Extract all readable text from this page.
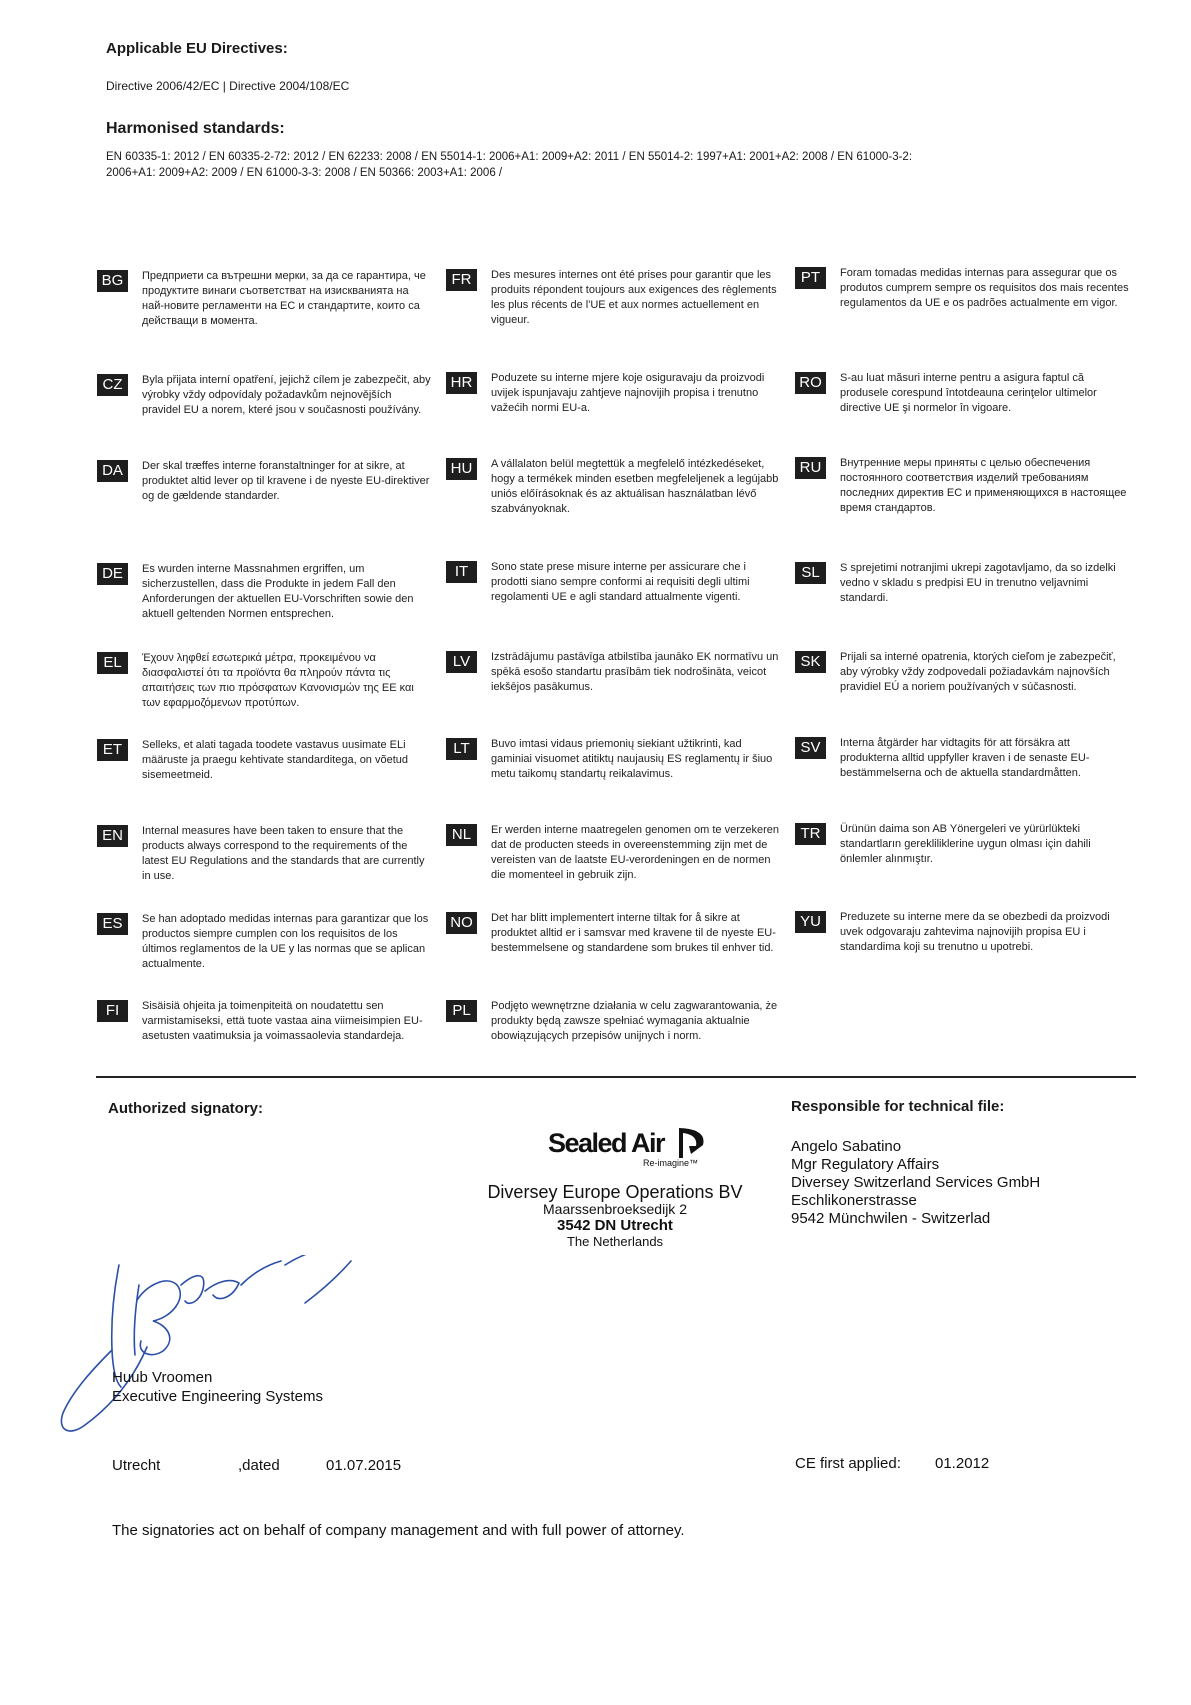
Applicable EU Directives:
Directive 2006/42/EC | Directive 2004/108/EC
Harmonised standards:
EN 60335-1: 2012 / EN 60335-2-72: 2012 / EN 62233: 2008 / EN 55014-1: 2006+A1: 2009+A2: 2011 / EN 55014-2: 1997+A1: 2001+A2: 2008 / EN 61000-3-2:
2006+A1: 2009+A2: 2009 / EN 61000-3-3: 2008 / EN 50366: 2003+A1: 2006 /
BG	Предприети са вътрешни мерки, за да се гарантира, че продуктите винаги съответстват на изискванията на най-новите регламенти на ЕС и стандартите, които са действащи в момента.
CZ	Byla přijata interní opatření, jejichž cílem je zabezpečit, aby výrobky vždy odpovídaly požadavkům nejnovějších pravidel EU a norem, které jsou v současnosti používány.
DA	Der skal træffes interne foranstaltninger for at sikre, at produktet altid lever op til kravene i de nyeste EU-direktiver og de gældende standarder.
DE	Es wurden interne Massnahmen ergriffen, um sicherzustellen, dass die Produkte in jedem Fall den Anforderungen der aktuellen EU-Vorschriften sowie den aktuell geltenden Normen entsprechen.
EL	Έχουν ληφθεί εσωτερικά μέτρα, προκειμένου να διασφαλιστεί ότι τα προϊόντα θα πληρούν πάντα τις απαιτήσεις των πιο πρόσφατων Κανονισμών της ΕΕ και των εφαρμοζόμενων προτύπων.
ET	Selleks, et alati tagada toodete vastavus uusimate ELi määruste ja praegu kehtivate standarditega, on võetud sisemeetmeid.
EN	Internal measures have been taken to ensure that the products always correspond to the requirements of the latest EU Regulations and the standards that are currently in use.
ES	Se han adoptado medidas internas para garantizar que los productos siempre cumplen con los requisitos de los últimos reglamentos de la UE y las normas que se aplican actualmente.
FI	Sisäisiä ohjeita ja toimenpiteitä on noudatettu sen varmistamiseksi, että tuote vastaa aina viimeisimpien EU-asetusten vaatimuksia ja voimassaolevia standardeja.
FR	Des mesures internes ont été prises pour garantir que les produits répondent toujours aux exigences des règlements les plus récents de l'UE et aux normes actuellement en vigueur.
HR	Poduzete su interne mjere koje osiguravaju da proizvodi uvijek ispunjavaju zahtjeve najnovijih propisa i trenutno važećih normi EU-a.
HU	A vállalaton belül megtettük a megfelelő intézkedéseket, hogy a termékek minden esetben megfeleljenek a legújabb uniós előírásoknak és az aktuálisan használatban lévő szabványoknak.
IT	Sono state prese misure interne per assicurare che i prodotti siano sempre conformi ai requisiti degli ultimi regolamenti UE e agli standard attualmente vigenti.
LV	Izstrādājumu pastāvīga atbilstība jaunāko EK normatīvu un spēkā esošo standartu prasībām tiek nodrošināta, veicot iekšējos pasākumus.
LT	Buvo imtasi vidaus priemonių siekiant užtikrinti, kad gaminiai visuomet atitiktų naujausių ES reglamentų ir šiuo metu taikomų standartų reikalavimus.
NL	Er werden interne maatregelen genomen om te verzekeren dat de producten steeds in overeenstemming zijn met de vereisten van de laatste EU-verordeningen en de normen die momenteel in gebruik zijn.
NO	Det har blitt implementert interne tiltak for å sikre at produktet alltid er i samsvar med kravene til de nyeste EU-bestemmelsene og standardene som brukes til enhver tid.
PL	Podjęto wewnętrzne działania w celu zagwarantowania, że produkty będą zawsze spełniać wymagania aktualnie obowiązujących przepisów unijnych i norm.
PT	Foram tomadas medidas internas para assegurar que os produtos cumprem sempre os requisitos dos mais recentes regulamentos da UE e os padrões actualmente em vigor.
RO	S-au luat măsuri interne pentru a asigura faptul că produsele corespund întotdeauna cerinţelor ultimelor directive UE şi normelor în vigoare.
RU	Внутренние меры приняты с целью обеспечения постоянного соответствия изделий требованиям последних директив ЕС и применяющихся в настоящее время стандартов.
SL	S sprejetimi notranjimi ukrepi zagotavljamo, da so izdelki vedno v skladu s predpisi EU in trenutno veljavnimi standardi.
SK	Prijali sa interné opatrenia, ktorých cieľom je zabezpečiť, aby výrobky vždy zodpovedali požiadavkám najnovších pravidiel EÚ a noriem používaných v súčasnosti.
SV	Interna åtgärder har vidtagits för att försäkra att produkterna alltid uppfyller kraven i de senaste EU-bestämmelserna och de aktuella standardmåtten.
TR	Ürünün daima son AB Yönergeleri ve yürürlükteki standartların gerekliliklerine uygun olması için dahili önlemler alınmıştır.
YU	Preduzete su interne mere da se obezbedi da proizvodi uvek odgovaraju zahtevima najnovijih propisa EU i standardima koji su trenutno u upotrebi.
Authorized signatory:	Responsible for technical file:
Sealed Air
Re-imagine™
Diversey Europe Operations BV
Maarssenbroeksedijk 2
3542 DN Utrecht
The Netherlands
Angelo Sabatino
Mgr Regulatory Affairs
Diversey Switzerland Services GmbH
Eschlikonerstrasse
9542 Münchwilen - Switzerlad
Huub Vroomen
Executive Engineering Systems
Utrecht	,dated	01.07.2015	CE first applied: 01.2012
The signatories act on behalf of company management and with full power of attorney.
